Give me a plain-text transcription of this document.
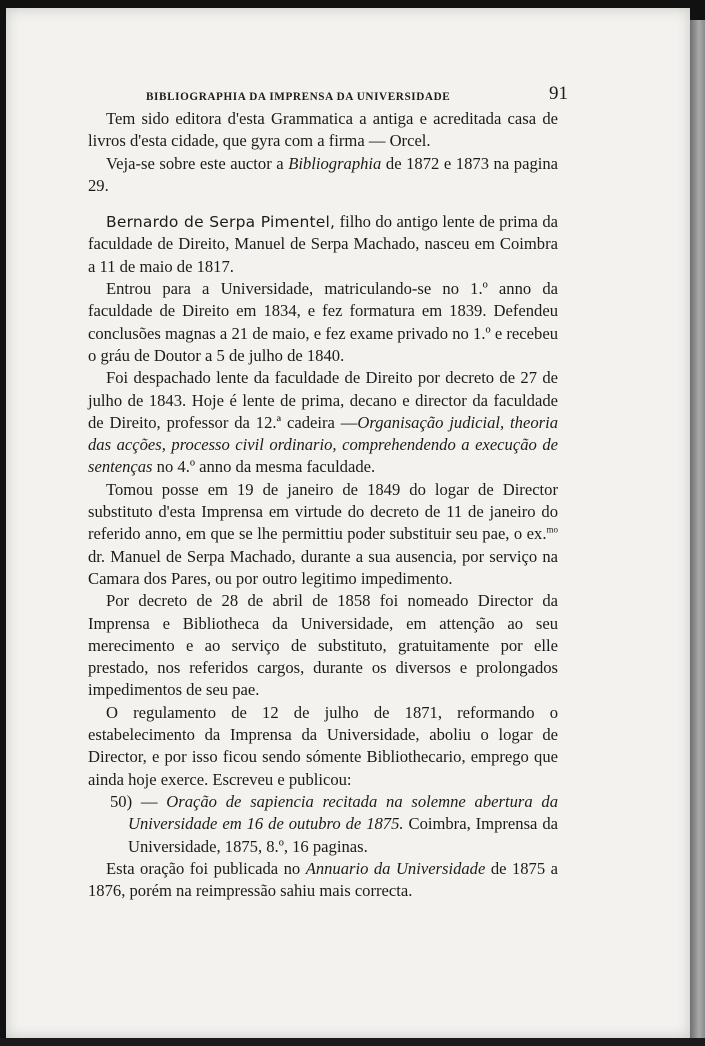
BIBLIOGRAPHIA DA IMPRENSA DA UNIVERSIDADE	91

Tem sido editora d'esta Grammatica a antiga e acreditada casa de livros d'esta cidade, que gyra com a firma — Orcel.

Veja-se sobre este auctor a Bibliographia de 1872 e 1873 na pagina 29.

Bernardo de Serpa Pimentel, filho do antigo lente de prima da faculdade de Direito, Manuel de Serpa Machado, nasceu em Coimbra a 11 de maio de 1817.

Entrou para a Universidade, matriculando-se no 1.º anno da faculdade de Direito em 1834, e fez formatura em 1839. Defendeu conclusões magnas a 21 de maio, e fez exame privado no 1.º e recebeu o gráu de Doutor a 5 de julho de 1840.

Foi despachado lente da faculdade de Direito por decreto de 27 de julho de 1843. Hoje é lente de prima, decano e director da faculdade de Direito, professor da 12.ª cadeira —Organisação judicial, theoria das acções, processo civil ordinario, comprehendendo a execução de sentenças no 4.º anno da mesma faculdade.

Tomou posse em 19 de janeiro de 1849 do logar de Director substituto d'esta Imprensa em virtude do decreto de 11 de janeiro do referido anno, em que se lhe permittiu poder substituir seu pae, o ex.$^{mo}$ dr. Manuel de Serpa Machado, durante a sua ausencia, por serviço na Camara dos Pares, ou por outro legitimo impedimento.

Por decreto de 28 de abril de 1858 foi nomeado Director da Imprensa e Bibliotheca da Universidade, em attenção ao seu merecimento e ao serviço de substituto, gratuitamente por elle prestado, nos referidos cargos, durante os diversos e prolongados impedimentos de seu pae.

O regulamento de 12 de julho de 1871, reformando o estabelecimento da Imprensa da Universidade, aboliu o logar de Director, e por isso ficou sendo sómente Bibliothecario, emprego que ainda hoje exerce. Escreveu e publicou:

50) — Oração de sapiencia recitada na solemne abertura da Universidade em 16 de outubro de 1875. Coimbra, Imprensa da Universidade, 1875, 8.º, 16 paginas.

Esta oração foi publicada no Annuario da Universidade de 1875 a 1876, porém na reimpressão sahiu mais correcta.
